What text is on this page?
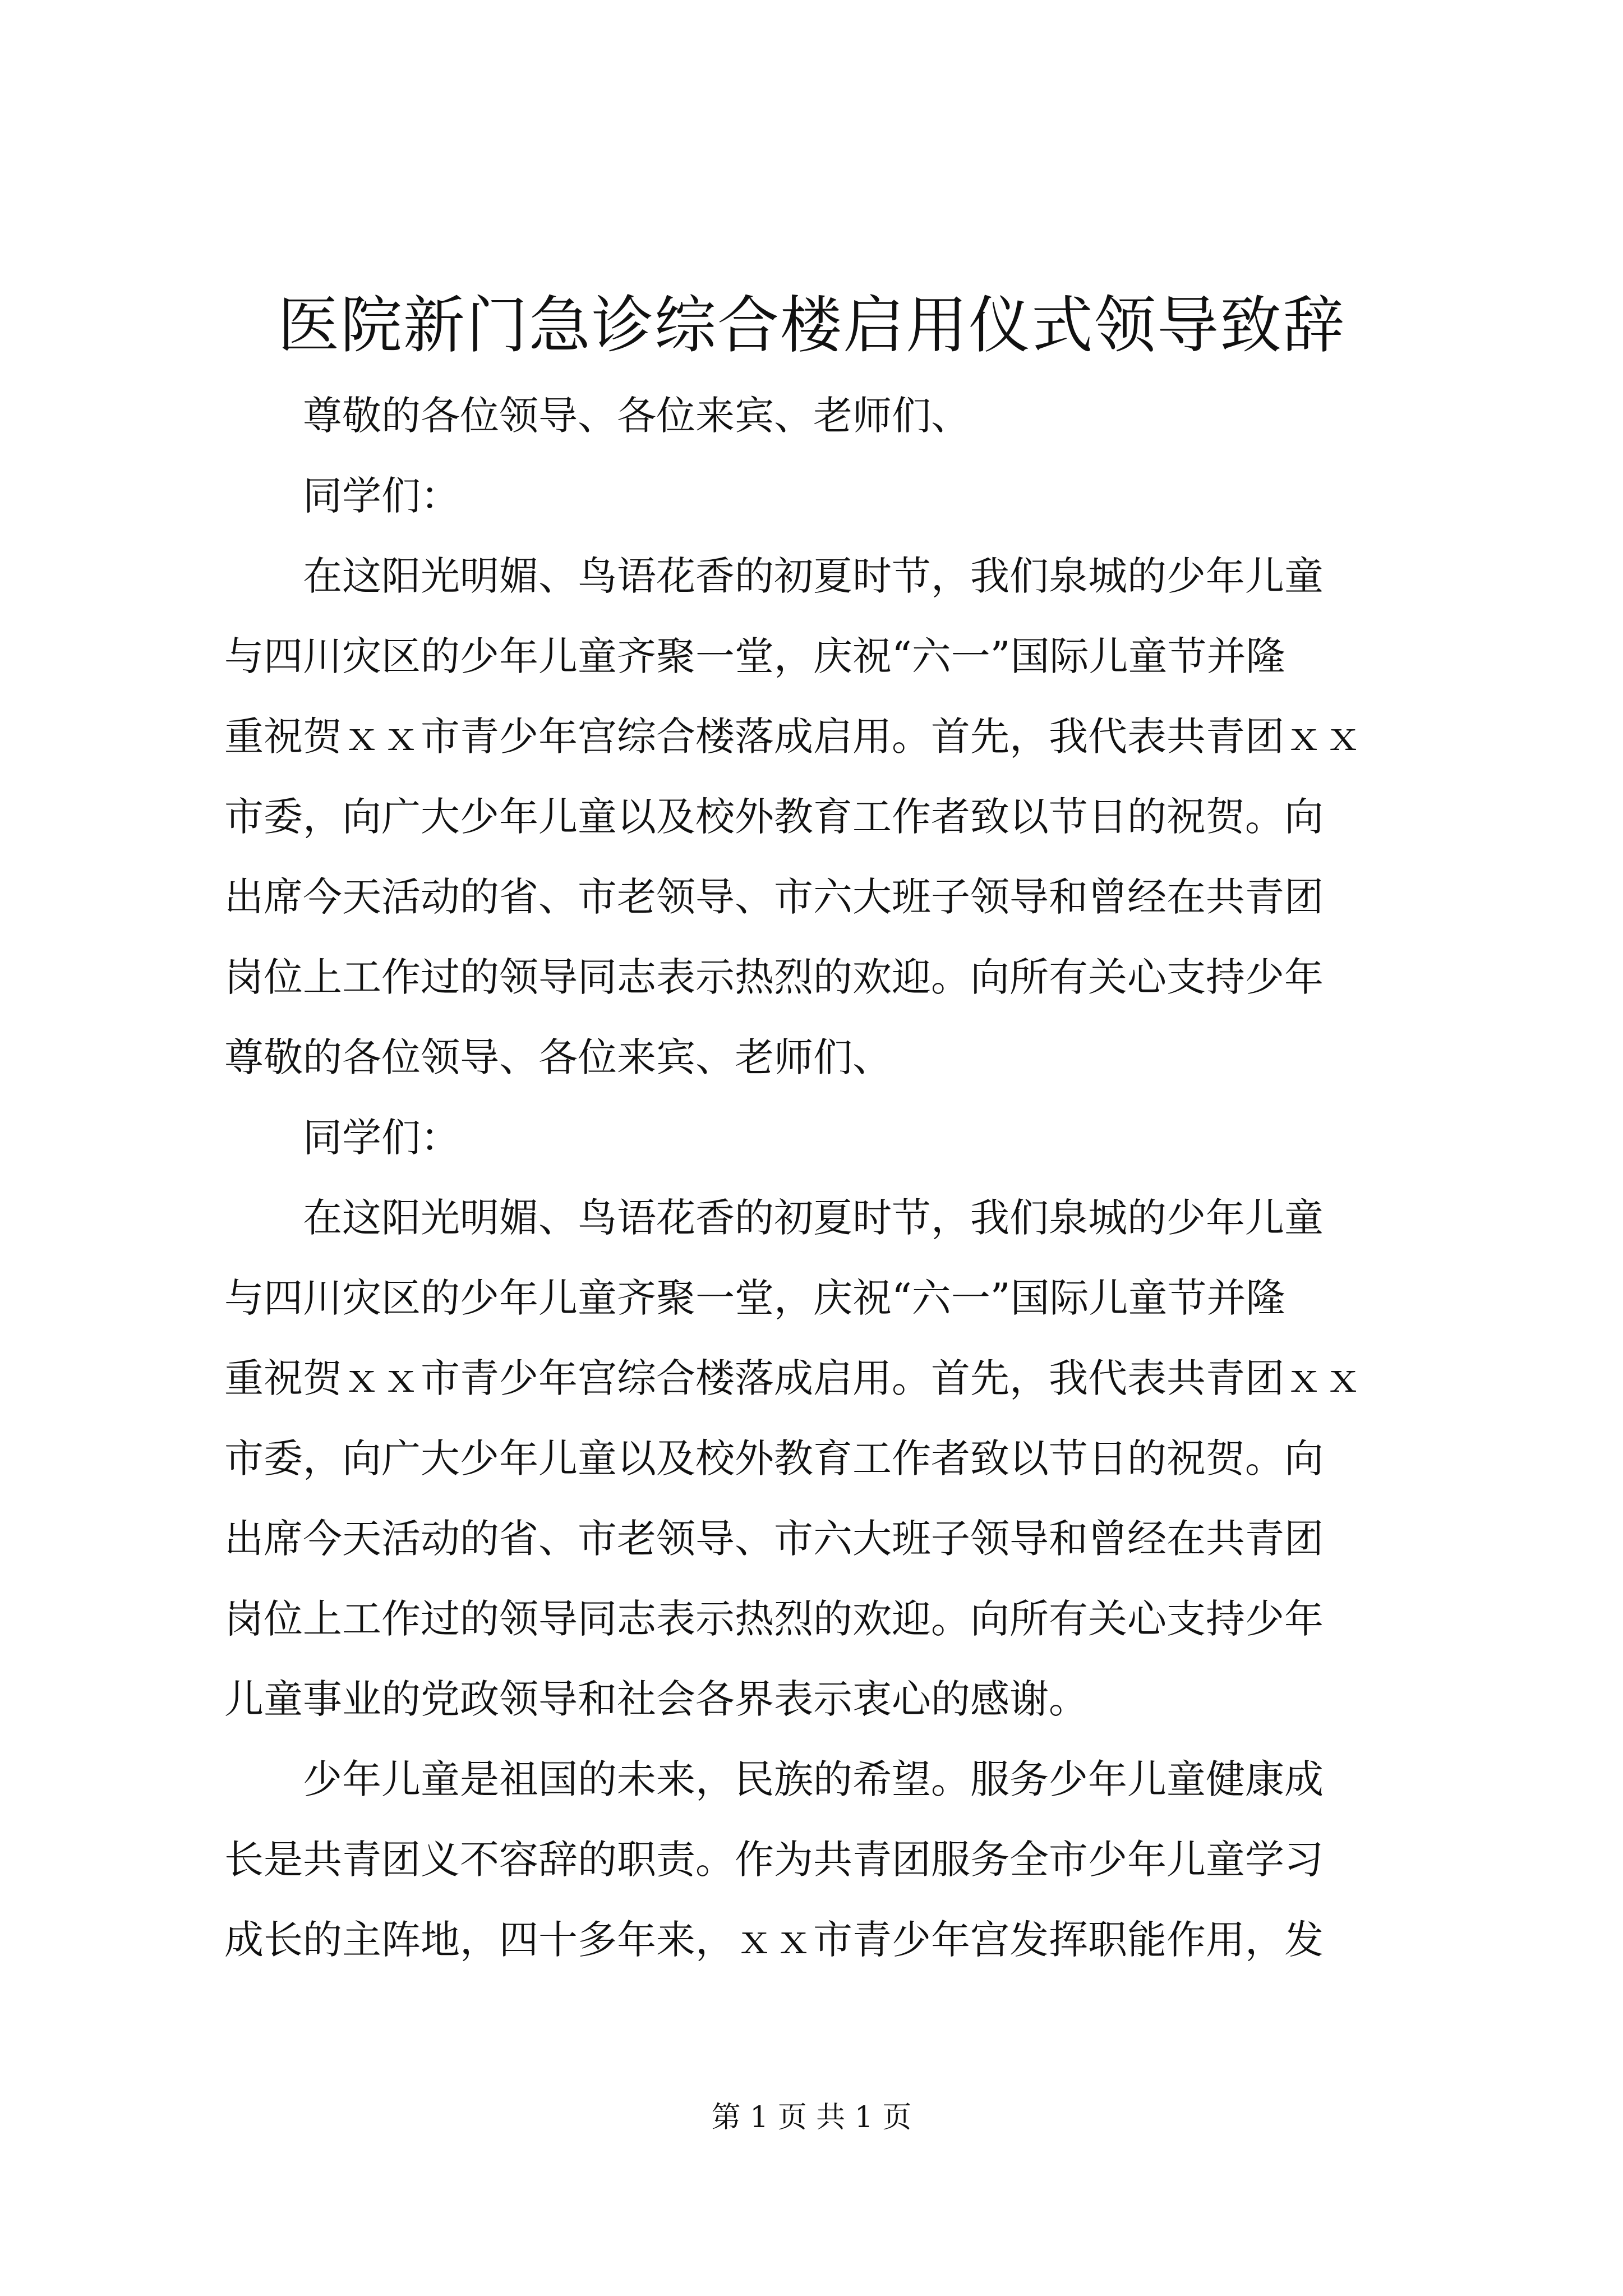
医院新门急诊综合楼启用仪式领导致辞
尊敬的各位领导、各位来宾、老师们、
同学们：
在这阳光明媚、鸟语花香的初夏时节，我们泉城的少年儿童
与四川灾区的少年儿童齐聚一堂，庆祝“六一”国际儿童节并隆
重祝贺ｘｘ市青少年宫综合楼落成启用。首先，我代表共青团ｘｘ
市委，向广大少年儿童以及校外教育工作者致以节日的祝贺。向
出席今天活动的省、市老领导、市六大班子领导和曾经在共青团
岗位上工作过的领导同志表示热烈的欢迎。向所有关心支持少年
尊敬的各位领导、各位来宾、老师们、
同学们：
在这阳光明媚、鸟语花香的初夏时节，我们泉城的少年儿童
与四川灾区的少年儿童齐聚一堂，庆祝“六一”国际儿童节并隆
重祝贺ｘｘ市青少年宫综合楼落成启用。首先，我代表共青团ｘｘ
市委，向广大少年儿童以及校外教育工作者致以节日的祝贺。向
出席今天活动的省、市老领导、市六大班子领导和曾经在共青团
岗位上工作过的领导同志表示热烈的欢迎。向所有关心支持少年
儿童事业的党政领导和社会各界表示衷心的感谢。
少年儿童是祖国的未来，民族的希望。服务少年儿童健康成
长是共青团义不容辞的职责。作为共青团服务全市少年儿童学习
成长的主阵地，四十多年来，ｘｘ市青少年宫发挥职能作用，发
第 1 页 共 1 页
